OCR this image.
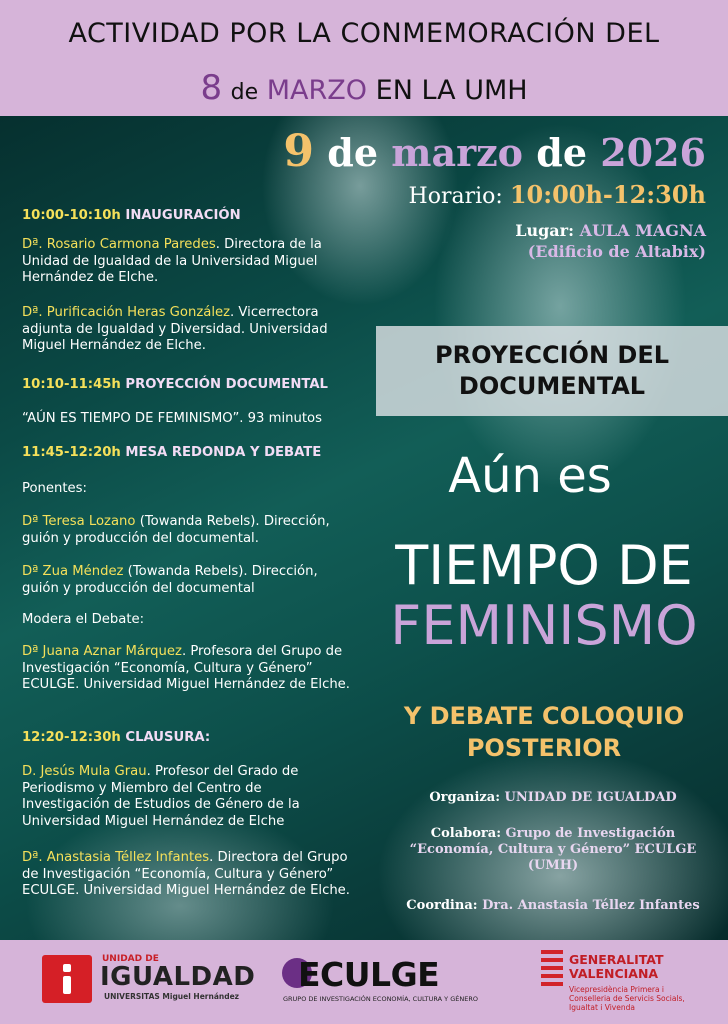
ACTIVIDAD POR LA CONMEMORACIÓN DEL
8 de MARZO EN LA UMH
9 de marzo de 2026
Horario: 10:00h-12:30h
Lugar: AULA MAGNA
(Edificio de Altabix)
10:00-10:10h INAUGURACIÓN

Dª. Rosario Carmona Paredes. Directora de la Unidad de Igualdad de la Universidad Miguel Hernández de Elche.

Dª. Purificación Heras González. Vicerrectora adjunta de Igualdad y Diversidad. Universidad Miguel Hernández de Elche.

10:10-11:45h PROYECCIÓN DOCUMENTAL

“AÚN ES TIEMPO DE FEMINISMO”. 93 minutos

11:45-12:20h MESA REDONDA Y DEBATE

Ponentes:

Dª Teresa Lozano (Towanda Rebels). Dirección, guión y producción del documental.

Dª Zua Méndez (Towanda Rebels). Dirección, guión y producción del documental

Modera el Debate:

Dª Juana Aznar Márquez. Profesora del Grupo de Investigación “Economía, Cultura y Género” ECULGE. Universidad Miguel Hernández de Elche.

12:20-12:30h CLAUSURA:

D. Jesús Mula Grau. Profesor del Grado de Periodismo y Miembro del Centro de Investigación de Estudios de Género de la Universidad Miguel Hernández de Elche

Dª. Anastasia Téllez Infantes. Directora del Grupo de Investigación “Economía, Cultura y Género” ECULGE. Universidad Miguel Hernández de Elche.

PROYECCIÓN DEL
DOCUMENTAL
Aún es
TIEMPO DE
FEMINISMO
Y DEBATE COLOQUIO
POSTERIOR
Organiza: UNIDAD DE IGUALDAD
Colabora: Grupo de Investigación
“Economía, Cultura y Género” ECULGE
(UMH)
Coordina: Dra. Anastasia Téllez Infantes
UNIDAD DE
IGUALDAD
UNIVERSITAS Miguel Hernández
ECULGE
GRUPO DE INVESTIGACIÓN ECONOMÍA, CULTURA Y GÉNERO
GENERALITAT
VALENCIANA
Vicepresidència Primera i
Conselleria de Servicis Socials,
Igualtat i Vivenda
